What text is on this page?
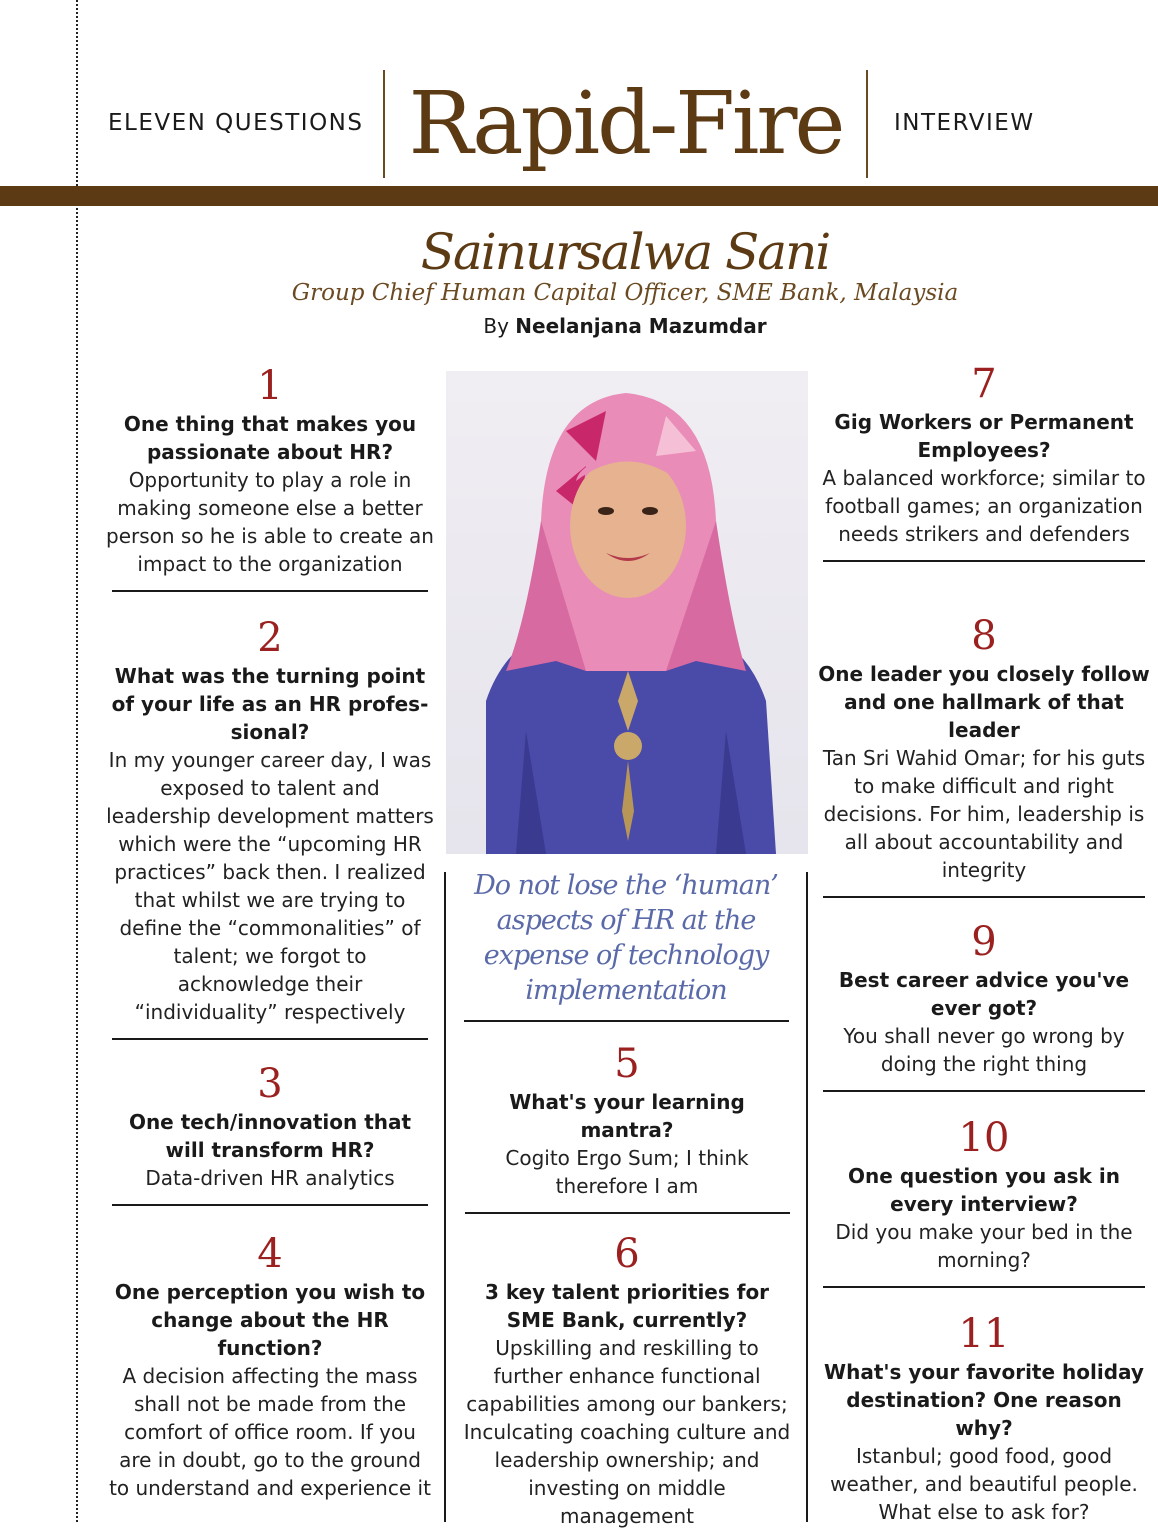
ELEVEN QUESTIONS Rapid-Fire	INTERVIEW
Sainursalwa Sani
Group Chief Human Capital Officer, SME Bank, Malaysia
By Neelanjana Mazumdar
Do not lose the ‘human’ aspects of HR at the expense of technology implementation
1
One thing that makes you passionate about HR?
Opportunity to play a role in making someone else a better person so he is able to create an impact to the organization
2
What was the turning point of your life as an HR profes-sional?
In my younger career day, I was exposed to talent and leadership development matters which were the “upcoming HR practices” back then. I realized that whilst we are trying to define the “commonalities” of talent; we forgot to acknowledge their “individuality” respectively
3
One tech/innovation that will transform HR?
Data-driven HR analytics
4
One perception you wish to change about the HR function?
A decision affecting the mass shall not be made from the comfort of office room. If you are in doubt, go to the ground to understand and experience it
5
What's your learning mantra?
Cogito Ergo Sum; I think therefore I am
6
3 key talent priorities for SME Bank, currently?
Upskilling and reskilling to further enhance functional capabilities among our bankers; Inculcating coaching culture and leadership ownership; and investing on middle management
7
Gig Workers or Permanent Employees?
A balanced workforce; similar to football games; an organization needs strikers and defenders
8
One leader you closely follow and one hallmark of that leader
Tan Sri Wahid Omar; for his guts to make difficult and right decisions. For him, leadership is all about accountability and integrity
9
Best career advice you've ever got?
You shall never go wrong by doing the right thing
10
One question you ask in every interview?
Did you make your bed in the morning?
11
What's your favorite holiday destination? One reason why?
Istanbul; good food, good weather, and beautiful people. What else to ask for?
